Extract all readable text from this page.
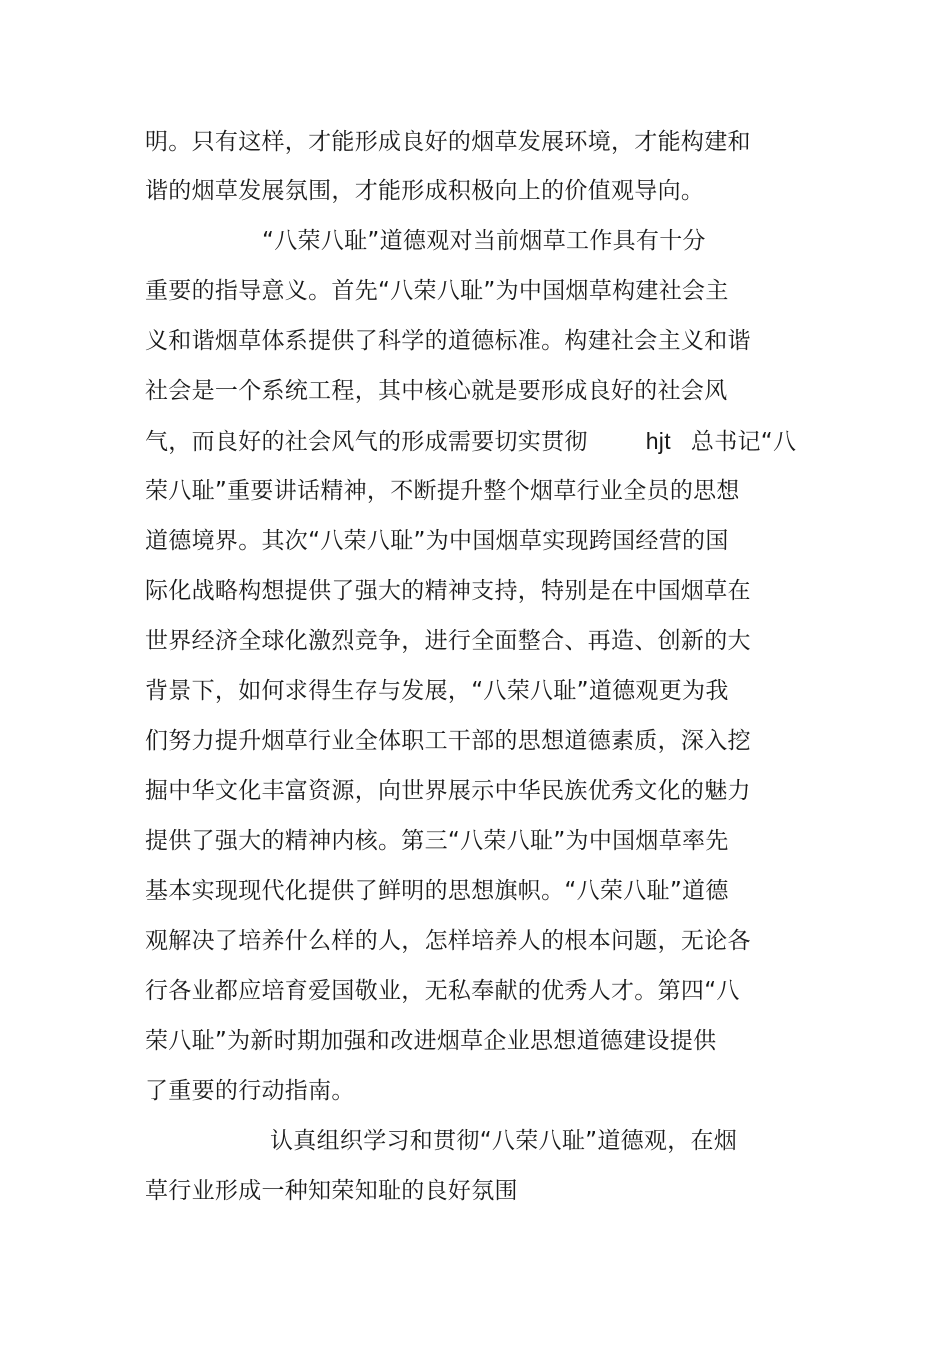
明。只有这样，才能形成良好的烟草发展环境，才能构建和
谐的烟草发展氛围，才能形成积极向上的价值观导向。
“八荣八耻”道德观对当前烟草工作具有十分
重要的指导意义。首先“八荣八耻”为中国烟草构建社会主
义和谐烟草体系提供了科学的道德标准。构建社会主义和谐
社会是一个系统工程，其中核心就是要形成良好的社会风
气，而良好的社会风气的形成需要切实贯彻	hjt 总书记“八
荣八耻”重要讲话精神，不断提升整个烟草行业全员的思想
道德境界。其次“八荣八耻”为中国烟草实现跨国经营的国
际化战略构想提供了强大的精神支持，特别是在中国烟草在
世界经济全球化激烈竞争，进行全面整合、再造、创新的大
背景下，如何求得生存与发展，“八荣八耻”道德观更为我
们努力提升烟草行业全体职工干部的思想道德素质，深入挖
掘中华文化丰富资源，向世界展示中华民族优秀文化的魅力
提供了强大的精神内核。第三“八荣八耻”为中国烟草率先
基本实现现代化提供了鲜明的思想旗帜。“八荣八耻”道德
观解决了培养什么样的人，怎样培养人的根本问题，无论各
行各业都应培育爱国敬业，无私奉献的优秀人才。第四“八
荣八耻”为新时期加强和改进烟草企业思想道德建设提供
了重要的行动指南。
认真组织学习和贯彻“八荣八耻”道德观，在烟
草行业形成一种知荣知耻的良好氛围
